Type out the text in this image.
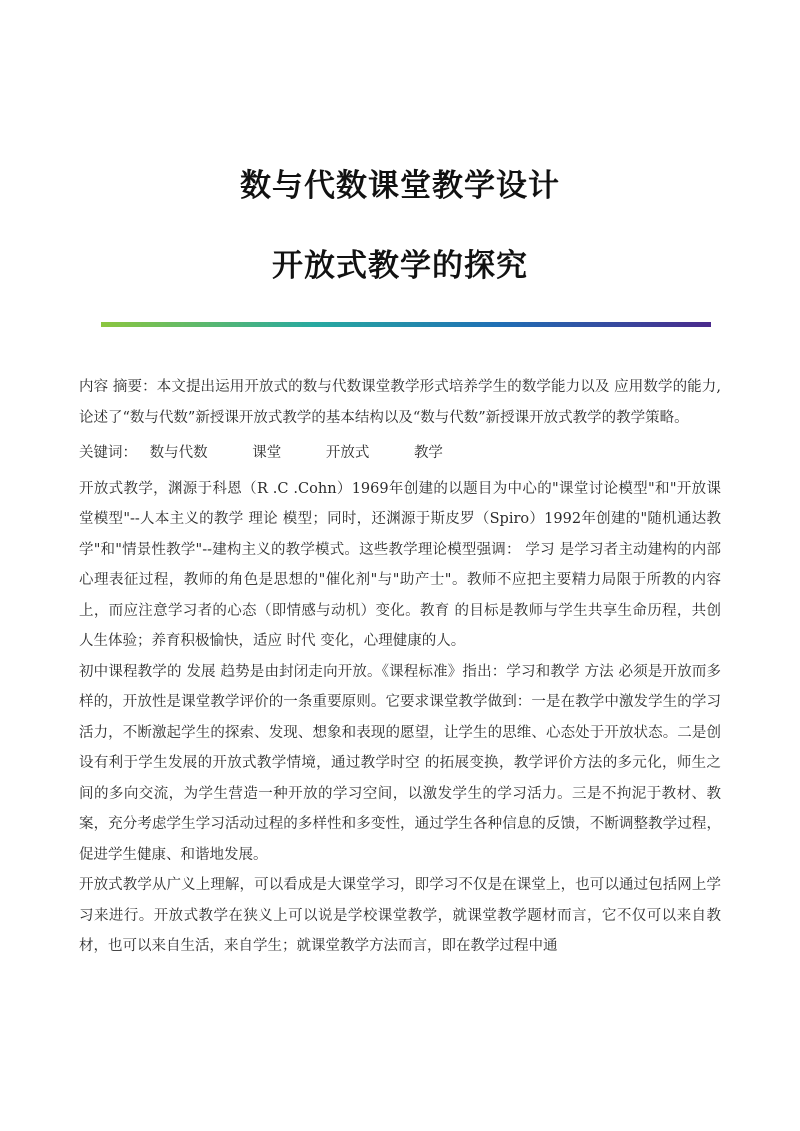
数与代数课堂教学设计
开放式教学的探究

内容 摘要：本文提出运用开放式的数与代数课堂教学形式培养学生的数学能力以及 应用数学的能力,论述了“数与代数”新授课开放式教学的基本结构以及“数与代数”新授课开放式教学的教学策略。

关键词： 数与代数	课堂	开放式	教学

开放式教学，渊源于科恩（R .C .Cohn）1969年创建的以题目为中心的"课堂讨论模型"和"开放课堂模型"--人本主义的教学 理论 模型；同时，还渊源于斯皮罗（Spiro）1992年创建的"随机通达教学"和"情景性教学"--建构主义的教学模式。这些教学理论模型强调： 学习 是学习者主动建构的内部心理表征过程，教师的角色是思想的"催化剂"与"助产士"。教师不应把主要精力局限于所教的内容上，而应注意学习者的心态（即情感与动机）变化。教育 的目标是教师与学生共享生命历程，共创人生体验；养育积极愉快，适应 时代 变化，心理健康的人。

初中课程教学的 发展 趋势是由封闭走向开放。《课程标准》指出：学习和教学 方法 必须是开放而多样的，开放性是课堂教学评价的一条重要原则。它要求课堂教学做到：一是在教学中激发学生的学习活力，不断激起学生的探索、发现、想象和表现的愿望，让学生的思维、心态处于开放状态。二是创设有利于学生发展的开放式教学情境，通过教学时空 的拓展变换，教学评价方法的多元化，师生之间的多向交流，为学生营造一种开放的学习空间，以激发学生的学习活力。三是不拘泥于教材、教案，充分考虑学生学习活动过程的多样性和多变性，通过学生各种信息的反馈，不断调整教学过程，促进学生健康、和谐地发展。

开放式教学从广义上理解，可以看成是大课堂学习，即学习不仅是在课堂上，也可以通过包括网上学习来进行。开放式教学在狭义上可以说是学校课堂教学，就课堂教学题材而言，它不仅可以来自教材，也可以来自生活，来自学生；就课堂教学方法而言，即在教学过程中通
